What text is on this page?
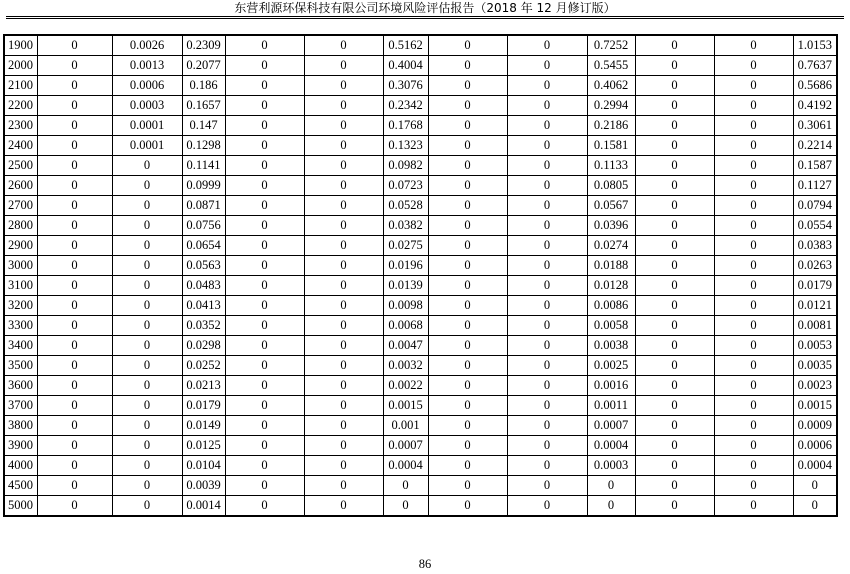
东营利源环保科技有限公司环境风险评估报告（2018 年 12 月修订版）
1900	0	0.0026	0.2309	0	0	0.5162	0	0	0.7252	0	0	1.0153
2000	0	0.0013	0.2077	0	0	0.4004	0	0	0.5455	0	0	0.7637
2100	0	0.0006	0.186	0	0	0.3076	0	0	0.4062	0	0	0.5686
2200	0	0.0003	0.1657	0	0	0.2342	0	0	0.2994	0	0	0.4192
2300	0	0.0001	0.147	0	0	0.1768	0	0	0.2186	0	0	0.3061
2400	0	0.0001	0.1298	0	0	0.1323	0	0	0.1581	0	0	0.2214
2500	0	0	0.1141	0	0	0.0982	0	0	0.1133	0	0	0.1587
2600	0	0	0.0999	0	0	0.0723	0	0	0.0805	0	0	0.1127
2700	0	0	0.0871	0	0	0.0528	0	0	0.0567	0	0	0.0794
2800	0	0	0.0756	0	0	0.0382	0	0	0.0396	0	0	0.0554
2900	0	0	0.0654	0	0	0.0275	0	0	0.0274	0	0	0.0383
3000	0	0	0.0563	0	0	0.0196	0	0	0.0188	0	0	0.0263
3100	0	0	0.0483	0	0	0.0139	0	0	0.0128	0	0	0.0179
3200	0	0	0.0413	0	0	0.0098	0	0	0.0086	0	0	0.0121
3300	0	0	0.0352	0	0	0.0068	0	0	0.0058	0	0	0.0081
3400	0	0	0.0298	0	0	0.0047	0	0	0.0038	0	0	0.0053
3500	0	0	0.0252	0	0	0.0032	0	0	0.0025	0	0	0.0035
3600	0	0	0.0213	0	0	0.0022	0	0	0.0016	0	0	0.0023
3700	0	0	0.0179	0	0	0.0015	0	0	0.0011	0	0	0.0015
3800	0	0	0.0149	0	0	0.001	0	0	0.0007	0	0	0.0009
3900	0	0	0.0125	0	0	0.0007	0	0	0.0004	0	0	0.0006
4000	0	0	0.0104	0	0	0.0004	0	0	0.0003	0	0	0.0004
4500	0	0	0.0039	0	0	0	0	0	0	0	0	0
5000	0	0	0.0014	0	0	0	0	0	0	0	0	0
86
